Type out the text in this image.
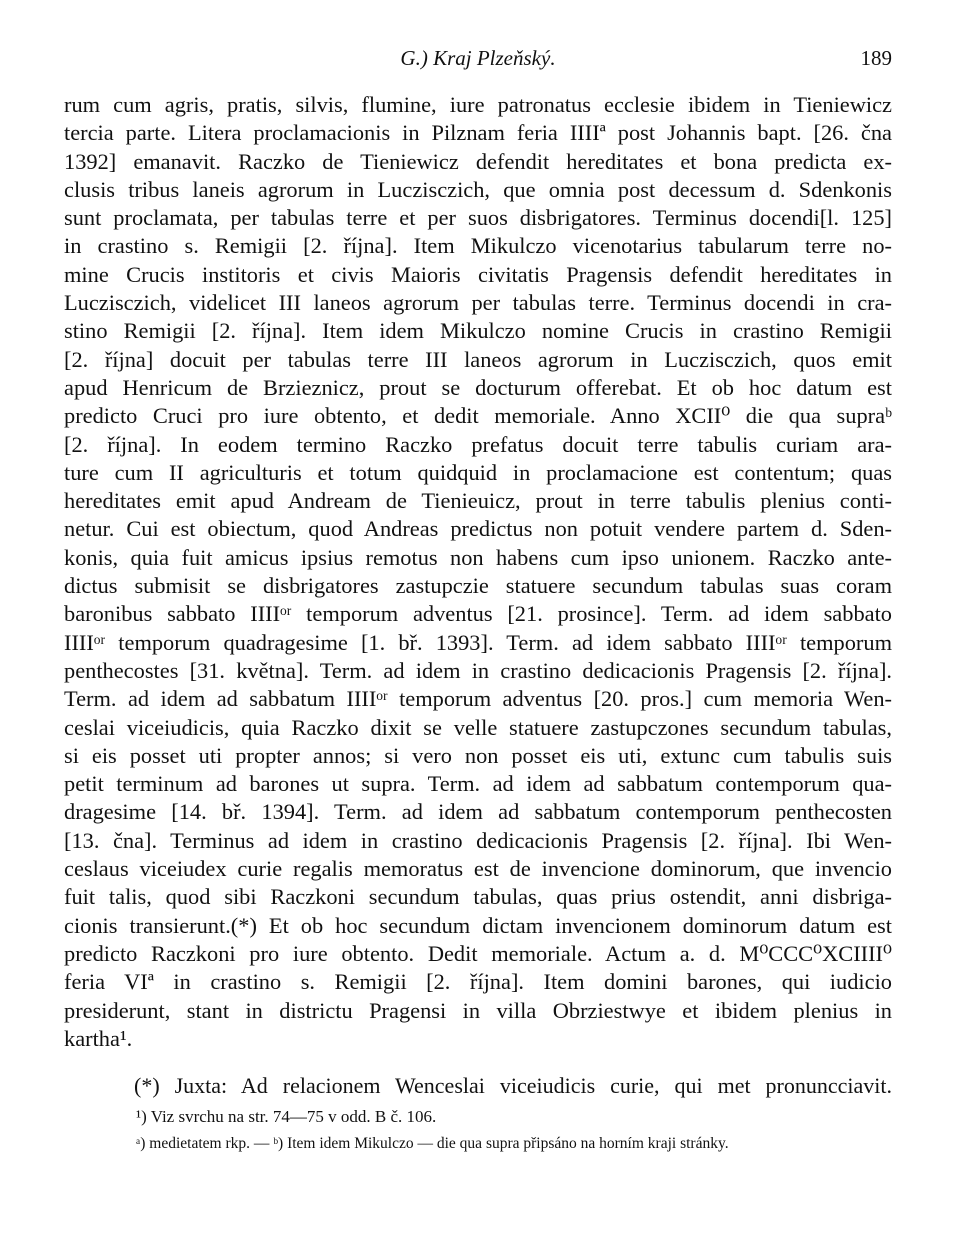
G.) Kraj Plzeňský.	189
rum cum agris, pratis, silvis, flumine, iure patronatus ecclesie ibidem in Tieniewicz
tercia parte. Litera proclamacionis in Pilznam feria IIIIª post Johannis bapt. [26. čna
1392] emanavit. Raczko de Tieniewicz defendit hereditates et bona predicta ex-
clusis tribus laneis agrorum in Luczisczich, que omnia post decessum d. Sdenkonis
sunt proclamata, per tabulas terre et per suos disbrigatores. Terminus docendi[l. 125]
in crastino s. Remigii [2. října]. Item Mikulczo vicenotarius tabularum terre no-
mine Crucis institoris et civis Maioris civitatis Pragensis defendit hereditates in
Luczisczich, videlicet III laneos agrorum per tabulas terre. Terminus docendi in cra-
stino Remigii [2. října]. Item idem Mikulczo nomine Crucis in crastino Remigii
[2. října] docuit per tabulas terre III laneos agrorum in Luczisczich, quos emit
apud Henricum de Brzieznicz, prout se docturum offerebat. Et ob hoc datum est
predicto Cruci pro iure obtento, et dedit memoriale. Anno XCII⁰ die qua supraᵇ
[2. října]. In eodem termino Raczko prefatus docuit terre tabulis curiam ara-
ture cum II agriculturis et totum quidquid in proclamacione est contentum; quas
hereditates emit apud Andream de Tienieuicz, prout in terre tabulis plenius conti-
netur. Cui est obiectum, quod Andreas predictus non potuit vendere partem d. Sden-
konis, quia fuit amicus ipsius remotus non habens cum ipso unionem. Raczko ante-
dictus submisit se disbrigatores zastupczie statuere secundum tabulas suas coram
baronibus sabbato IIIIᵒʳ temporum adventus [21. prosince]. Term. ad idem sabbato
IIIIᵒʳ temporum quadragesime [1. bř. 1393]. Term. ad idem sabbato IIIIᵒʳ temporum
penthecostes [31. května]. Term. ad idem in crastino dedicacionis Pragensis [2. října].
Term. ad idem ad sabbatum IIIIᵒʳ temporum adventus [20. pros.] cum memoria Wen-
ceslai viceiudicis, quia Raczko dixit se velle statuere zastupczones secundum tabulas,
si eis posset uti propter annos; si vero non posset eis uti, extunc cum tabulis suis
petit terminum ad barones ut supra. Term. ad idem ad sabbatum contemporum qua-
dragesime [14. bř. 1394]. Term. ad idem ad sabbatum contemporum penthecosten
[13. čna]. Terminus ad idem in crastino dedicacionis Pragensis [2. října]. Ibi Wen-
ceslaus viceiudex curie regalis memoratus est de invencione dominorum, que invencio
fuit talis, quod sibi Raczkoni secundum tabulas, quas prius ostendit, anni disbriga-
cionis transierunt.(*) Et ob hoc secundum dictam invencionem dominorum datum est
predicto Raczkoni pro iure obtento. Dedit memoriale. Actum a. d. M⁰CCC⁰XCIIII⁰
feria VIª in crastino s. Remigii [2. října]. Item domini barones, qui iudicio
presiderunt, stant in districtu Pragensi in villa Obrziestwye et ibidem plenius in
kartha¹.
(*) Juxta: Ad relacionem Wenceslai viceiudicis curie, qui met pronuncciavit.
¹) Viz svrchu na str. 74—75 v odd. B č. 106.
ᵃ) medietatem rkp. — ᵇ) Item idem Mikulczo — die qua supra připsáno na horním kraji stránky.
